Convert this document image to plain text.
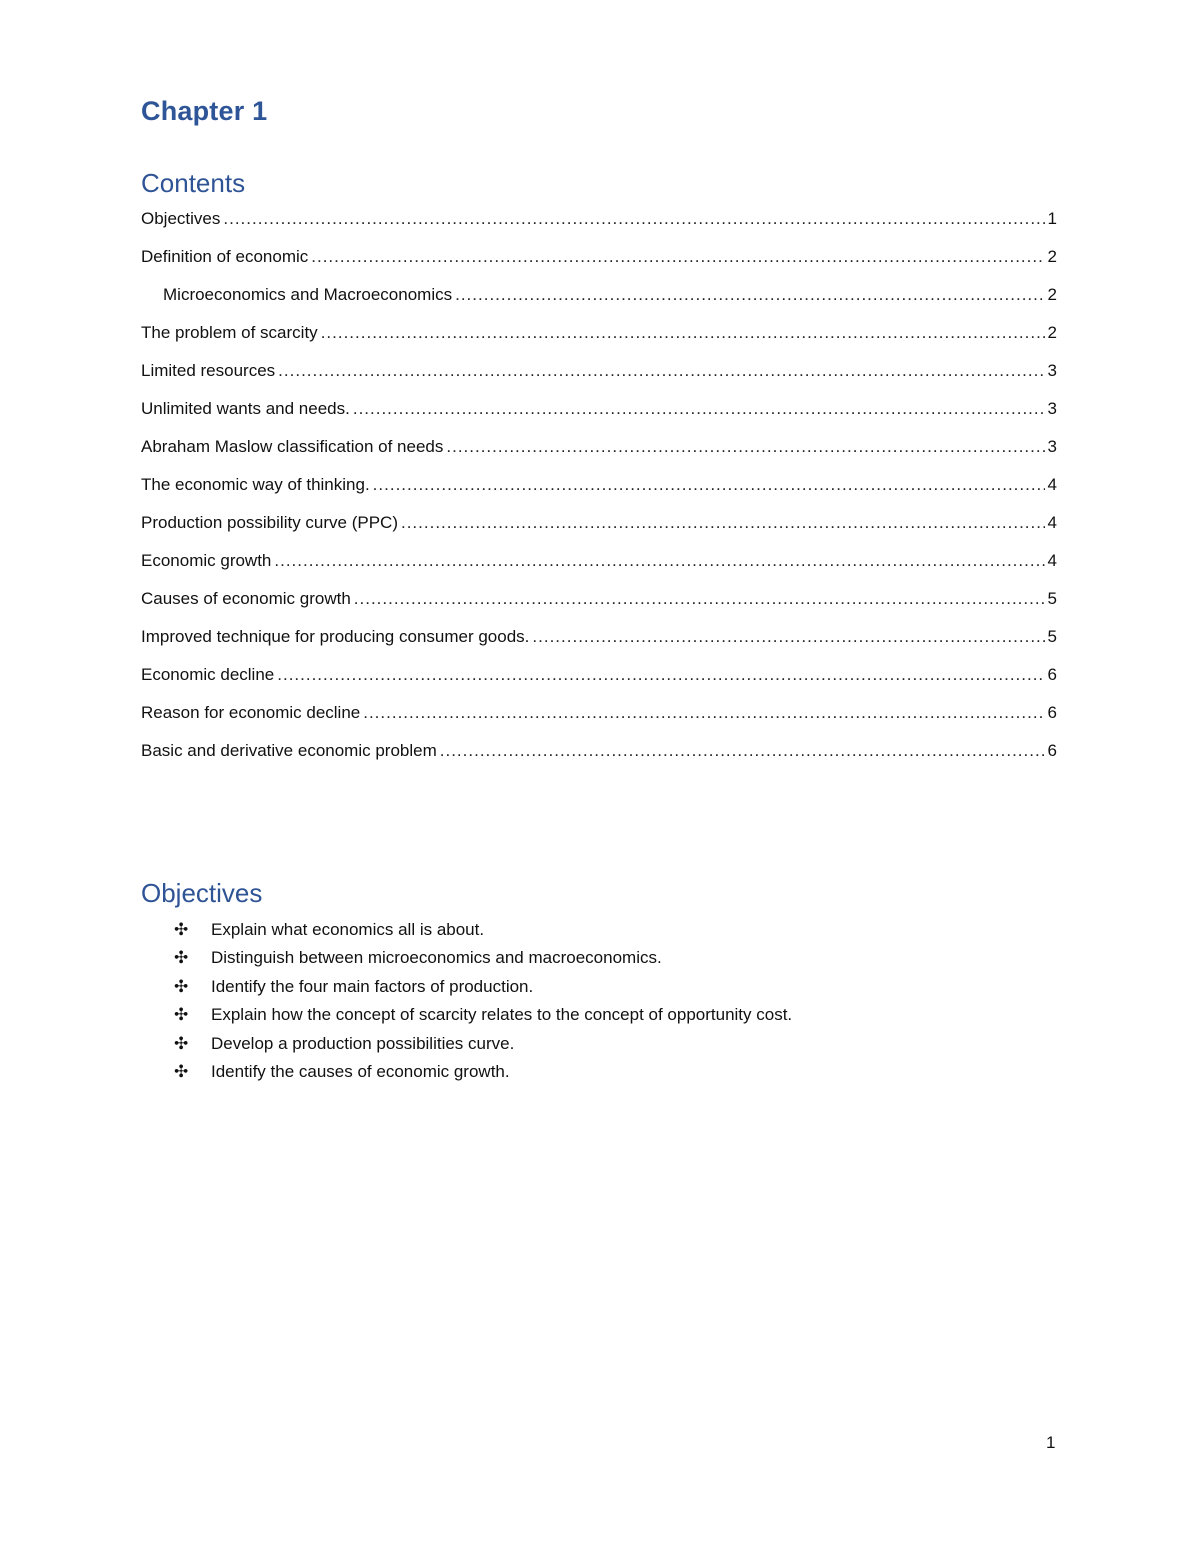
Chapter 1
Contents
Objectives .....	1
Definition of economic .....	2
Microeconomics and Macroeconomics .....	2
The problem of scarcity .....	2
Limited resources .....	3
Unlimited wants and needs. .....	3
Abraham Maslow classification of needs .....	3
The economic way of thinking. .....	4
Production possibility curve (PPC) .....	4
Economic growth .....	4
Causes of economic growth .....	5
Improved technique for producing consumer goods. .....	5
Economic decline .....	6
Reason for economic decline .....	6
Basic and derivative economic problem .....	6
Objectives
✣	Explain what economics all is about.
✣	Distinguish between microeconomics and macroeconomics.
✣	Identify the four main factors of production.
✣	Explain how the concept of scarcity relates to the concept of opportunity cost.
✣	Develop a production possibilities curve.
✣	Identify the causes of economic growth.
1
